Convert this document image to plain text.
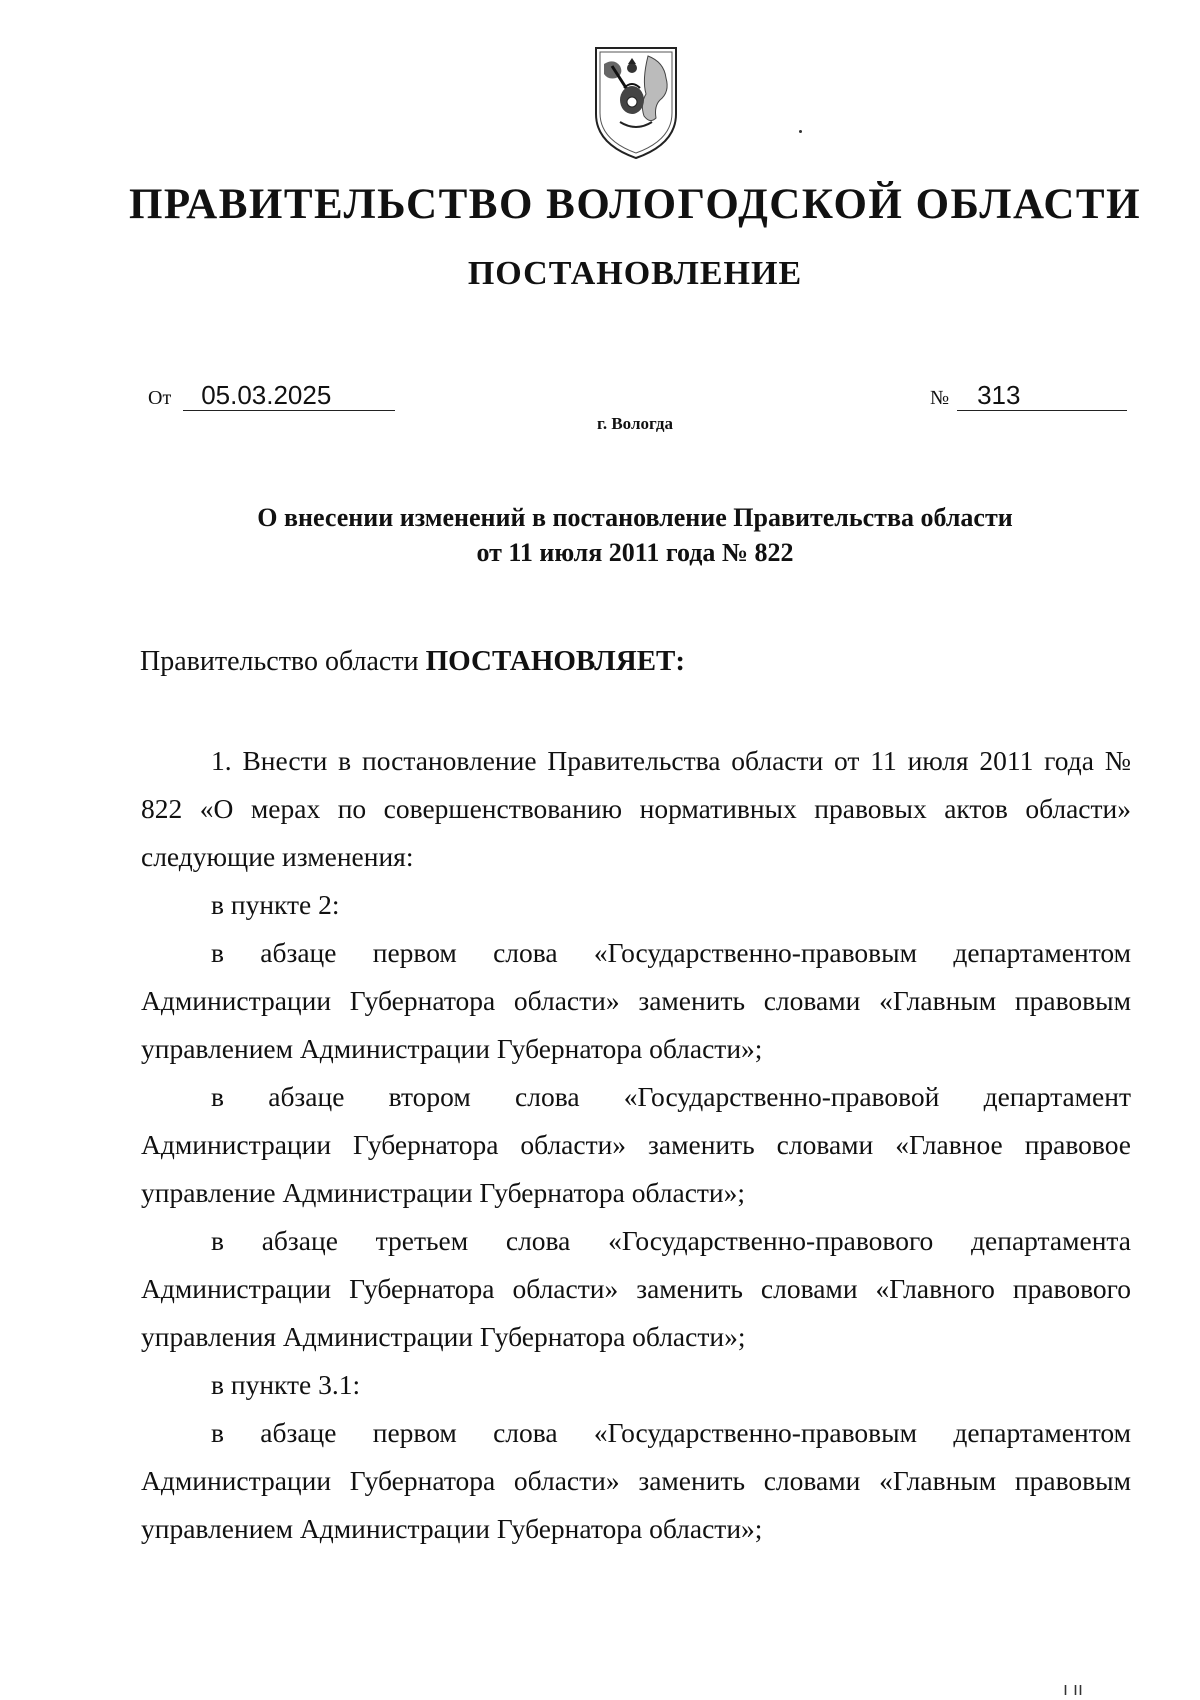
ПРАВИТЕЛЬСТВО ВОЛОГОДСКОЙ ОБЛАСТИ
ПОСТАНОВЛЕНИЕ
От 05.03.2025	№ 313
г. Вологда
О внесении изменений в постановление Правительства области
от 11 июля 2011 года № 822
Правительство области ПОСТАНОВЛЯЕТ:

1. Внести в постановление Правительства области от 11 июля 2011 года № 822 «О мерах по совершенствованию нормативных правовых актов области» следующие изменения:

в пункте 2:

в абзаце первом слова «Государственно-правовым департаментом Администрации Губернатора области» заменить словами «Главным правовым управлением Администрации Губернатора области»;

в абзаце втором слова «Государственно-правовой департамент Администрации Губернатора области» заменить словами «Главное правовое управление Администрации Губернатора области»;

в абзаце третьем слова «Государственно-правового департамента Администрации Губернатора области» заменить словами «Главного правового управления Администрации Губернатора области»;

в пункте 3.1:

в абзаце первом слова «Государственно-правовым департаментом Администрации Губернатора области» заменить словами «Главным правовым управлением Администрации Губернатора области»;

ı ıı
